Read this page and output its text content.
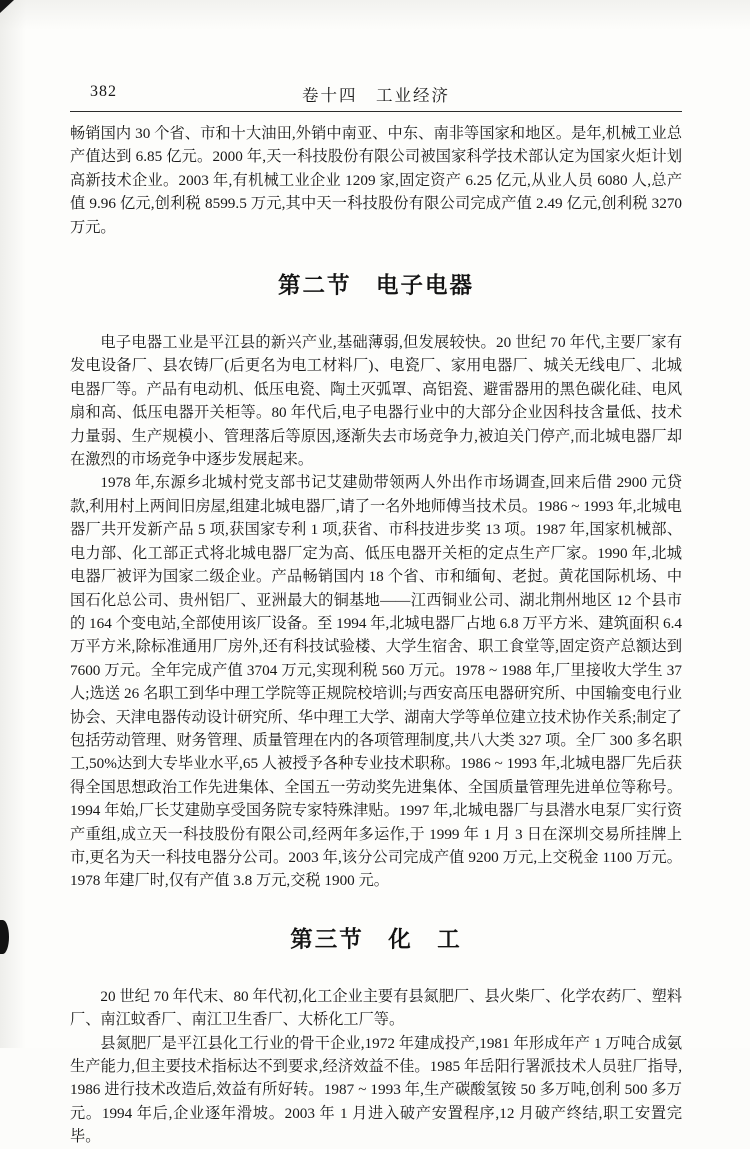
382	卷十四　工业经济

畅销国内 30 个省、市和十大油田,外销中南亚、中东、南非等国家和地区。是年,机械工业总产值达到 6.85 亿元。2000 年,天一科技股份有限公司被国家科学技术部认定为国家火炬计划高新技术企业。2003 年,有机械工业企业 1209 家,固定资产 6.25 亿元,从业人员 6080 人,总产值 9.96 亿元,创利税 8599.5 万元,其中天一科技股份有限公司完成产值 2.49 亿元,创利税 3270 万元。

第二节　电子电器

电子电器工业是平江县的新兴产业,基础薄弱,但发展较快。20 世纪 70 年代,主要厂家有发电设备厂、县农铸厂(后更名为电工材料厂)、电瓷厂、家用电器厂、城关无线电厂、北城电器厂等。产品有电动机、低压电瓷、陶土灭弧罩、高铝瓷、避雷器用的黑色碳化硅、电风扇和高、低压电器开关柜等。80 年代后,电子电器行业中的大部分企业因科技含量低、技术力量弱、生产规模小、管理落后等原因,逐渐失去市场竞争力,被迫关门停产,而北城电器厂却在激烈的市场竞争中逐步发展起来。

1978 年,东源乡北城村党支部书记艾建勋带领两人外出作市场调查,回来后借 2900 元贷款,利用村上两间旧房屋,组建北城电器厂,请了一名外地师傅当技术员。1986 ~ 1993 年,北城电器厂共开发新产品 5 项,获国家专利 1 项,获省、市科技进步奖 13 项。1987 年,国家机械部、电力部、化工部正式将北城电器厂定为高、低压电器开关柜的定点生产厂家。1990 年,北城电器厂被评为国家二级企业。产品畅销国内 18 个省、市和缅甸、老挝。黄花国际机场、中国石化总公司、贵州铝厂、亚洲最大的铜基地——江西铜业公司、湖北荆州地区 12 个县市的 164 个变电站,全部使用该厂设备。至 1994 年,北城电器厂占地 6.8 万平方米、建筑面积 6.4 万平方米,除标准通用厂房外,还有科技试验楼、大学生宿舍、职工食堂等,固定资产总额达到 7600 万元。全年完成产值 3704 万元,实现利税 560 万元。1978 ~ 1988 年,厂里接收大学生 37 人;选送 26 名职工到华中理工学院等正规院校培训;与西安高压电器研究所、中国输变电行业协会、天津电器传动设计研究所、华中理工大学、湖南大学等单位建立技术协作关系;制定了包括劳动管理、财务管理、质量管理在内的各项管理制度,共八大类 327 项。全厂 300 多名职工,50%达到大专毕业水平,65 人被授予各种专业技术职称。1986 ~ 1993 年,北城电器厂先后获得全国思想政治工作先进集体、全国五一劳动奖先进集体、全国质量管理先进单位等称号。1994 年始,厂长艾建勋享受国务院专家特殊津贴。1997 年,北城电器厂与县潜水电泵厂实行资产重组,成立天一科技股份有限公司,经两年多运作,于 1999 年 1 月 3 日在深圳交易所挂牌上市,更名为天一科技电器分公司。2003 年,该分公司完成产值 9200 万元,上交税金 1100 万元。1978 年建厂时,仅有产值 3.8 万元,交税 1900 元。

第三节　化　工

20 世纪 70 年代末、80 年代初,化工企业主要有县氮肥厂、县火柴厂、化学农药厂、塑料厂、南江蚊香厂、南江卫生香厂、大桥化工厂等。

县氮肥厂是平江县化工行业的骨干企业,1972 年建成投产,1981 年形成年产 1 万吨合成氨生产能力,但主要技术指标达不到要求,经济效益不佳。1985 年岳阳行署派技术人员驻厂指导,1986 进行技术改造后,效益有所好转。1987 ~ 1993 年,生产碳酸氢铵 50 多万吨,创利 500 多万元。1994 年后,企业逐年滑坡。2003 年 1 月进入破产安置程序,12 月破产终结,职工安置完毕。
